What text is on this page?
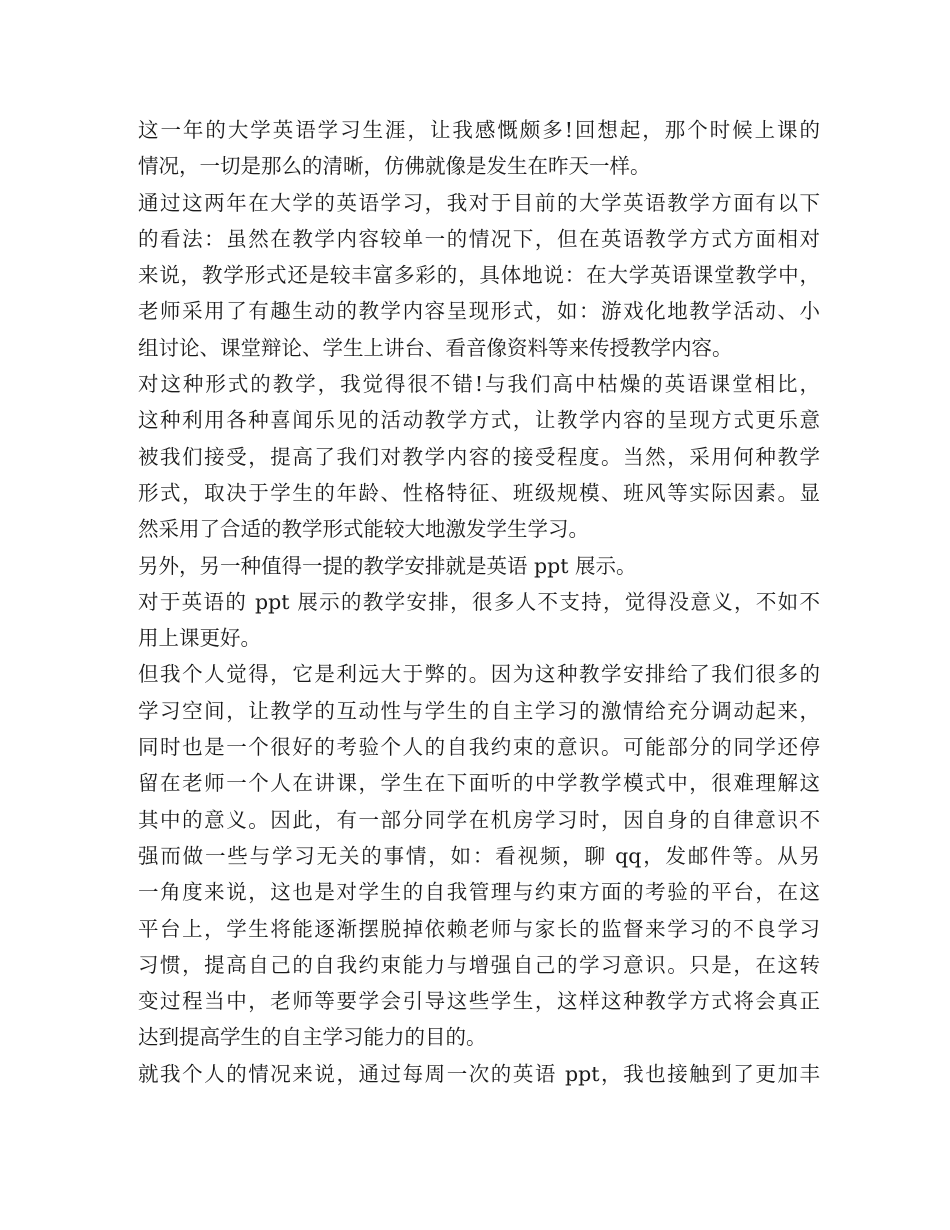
这一年的大学英语学习生涯，让我感慨颇多!回想起，那个时候上课的
情况，一切是那么的清晰，仿佛就像是发生在昨天一样。
通过这两年在大学的英语学习，我对于目前的大学英语教学方面有以下
的看法：虽然在教学内容较单一的情况下，但在英语教学方式方面相对
来说，教学形式还是较丰富多彩的，具体地说：在大学英语课堂教学中，
老师采用了有趣生动的教学内容呈现形式，如：游戏化地教学活动、小
组讨论、课堂辩论、学生上讲台、看音像资料等来传授教学内容。
对这种形式的教学，我觉得很不错!与我们高中枯燥的英语课堂相比，
这种利用各种喜闻乐见的活动教学方式，让教学内容的呈现方式更乐意
被我们接受，提高了我们对教学内容的接受程度。当然，采用何种教学
形式，取决于学生的年龄、性格特征、班级规模、班风等实际因素。显
然采用了合适的教学形式能较大地激发学生学习。
另外，另一种值得一提的教学安排就是英语 ppt 展示。
对于英语的 ppt 展示的教学安排，很多人不支持，觉得没意义，不如不
用上课更好。
但我个人觉得，它是利远大于弊的。因为这种教学安排给了我们很多的
学习空间，让教学的互动性与学生的自主学习的激情给充分调动起来，
同时也是一个很好的考验个人的自我约束的意识。可能部分的同学还停
留在老师一个人在讲课，学生在下面听的中学教学模式中，很难理解这
其中的意义。因此，有一部分同学在机房学习时，因自身的自律意识不
强而做一些与学习无关的事情，如：看视频，聊 qq，发邮件等。从另
一角度来说，这也是对学生的自我管理与约束方面的考验的平台，在这
平台上，学生将能逐渐摆脱掉依赖老师与家长的监督来学习的不良学习
习惯，提高自己的自我约束能力与增强自己的学习意识。只是，在这转
变过程当中，老师等要学会引导这些学生，这样这种教学方式将会真正
达到提高学生的自主学习能力的目的。
就我个人的情况来说，通过每周一次的英语 ppt，我也接触到了更加丰
